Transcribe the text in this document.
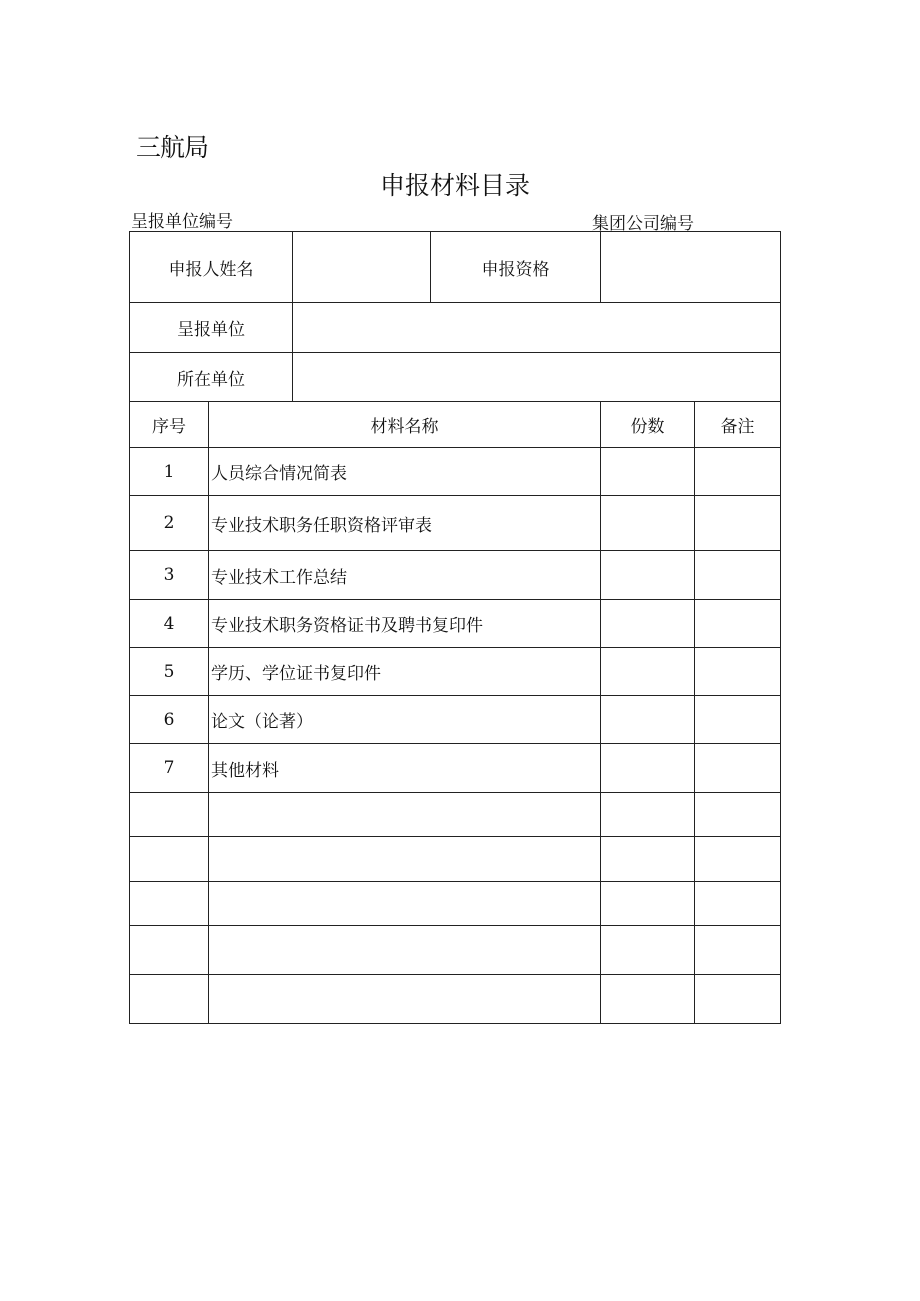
三航局
申报材料目录
呈报单位编号	集团公司编号
申报人姓名			申报资格		
呈报单位					
所在单位					
序号	材料名称			份数	备注
1	人员综合情况简表				
2	专业技术职务任职资格评审表				
3	专业技术工作总结				
4	专业技术职务资格证书及聘书复印件				
5	学历、学位证书复印件				
6	论文（论著）				
7	其他材料				
